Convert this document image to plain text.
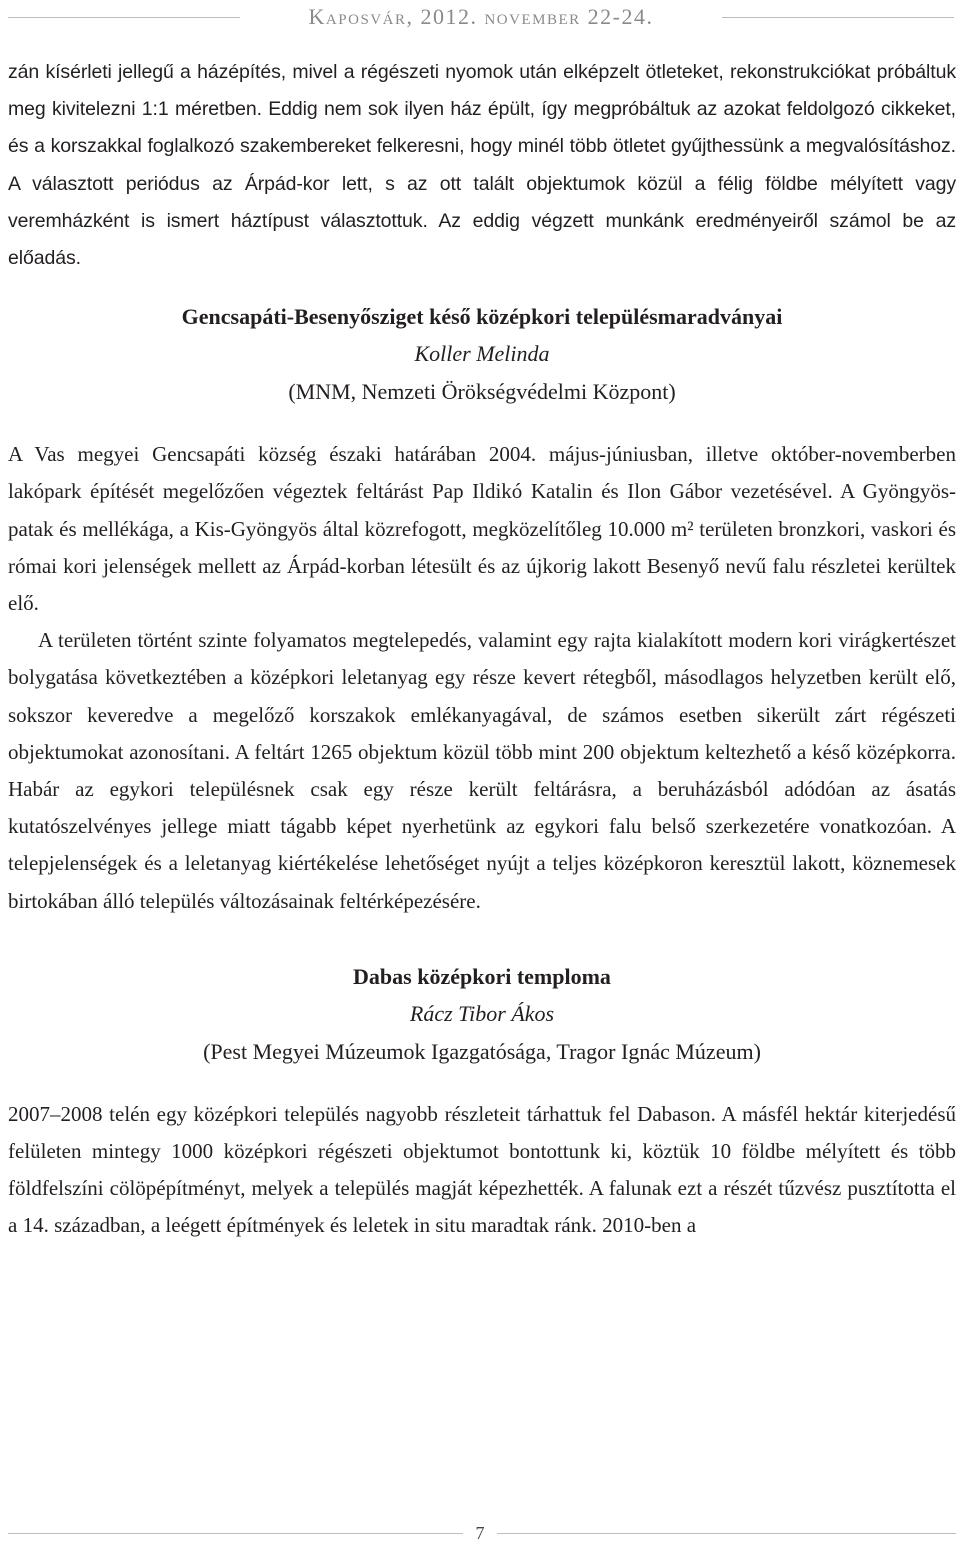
Kaposvár, 2012. november 22-24.

zán kísérleti jellegű a házépítés, mivel a régészeti nyomok után elképzelt ötleteket, rekonstrukciókat próbáltuk meg kivitelezni 1:1 méretben. Eddig nem sok ilyen ház épült, így megpróbáltuk az azokat feldolgozó cikkeket, és a korszakkal foglalkozó szakembereket felkeresni, hogy minél több ötletet gyűjthessünk a megvalósításhoz. A választott periódus az Árpád-kor lett, s az ott talált objektumok közül a félig földbe mélyített vagy veremházként is ismert háztípust választottuk. Az eddig végzett munkánk eredményeiről számol be az előadás.

Gencsapáti-Besenyősziget késő középkori településmaradványai
Koller Melinda
(MNM, Nemzeti Örökségvédelmi Központ)

A Vas megyei Gencsapáti község északi határában 2004. május-júniusban, illetve október-novemberben lakópark építését megelőzően végeztek feltárást Pap Ildikó Katalin és Ilon Gábor vezetésével. A Gyöngyös-patak és mellékága, a Kis-Gyöngyös által közrefogott, megközelítőleg 10.000 m² területen bronzkori, vaskori és római kori jelenségek mellett az Árpád-korban létesült és az újkorig lakott Besenyő nevű falu részletei kerültek elő.

A területen történt szinte folyamatos megtelepedés, valamint egy rajta kialakított modern kori virágkertészet bolygatása következtében a középkori leletanyag egy része kevert rétegből, másodlagos helyzetben került elő, sokszor keveredve a megelőző korszakok emlékanyagával, de számos esetben sikerült zárt régészeti objektumokat azonosítani. A feltárt 1265 objektum közül több mint 200 objektum keltezhető a késő középkorra. Habár az egykori településnek csak egy része került feltárásra, a beruházásból adódóan az ásatás kutatószelvényes jellege miatt tágabb képet nyerhetünk az egykori falu belső szerkezetére vonatkozóan. A telepjelenségek és a leletanyag kiértékelése lehetőséget nyújt a teljes középkoron keresztül lakott, köznemesek birtokában álló település változásainak feltérképezésére.

Dabas középkori temploma
Rácz Tibor Ákos
(Pest Megyei Múzeumok Igazgatósága, Tragor Ignác Múzeum)

2007–2008 telén egy középkori település nagyobb részleteit tárhattuk fel Dabason. A másfél hektár kiterjedésű felületen mintegy 1000 középkori régészeti objektumot bontottunk ki, köztük 10 földbe mélyített és több földfelszíni cölöpépítményt, melyek a település magját képezhették. A falunak ezt a részét tűzvész pusztította el a 14. században, a leégett építmények és leletek in situ maradtak ránk. 2010-ben a

7
